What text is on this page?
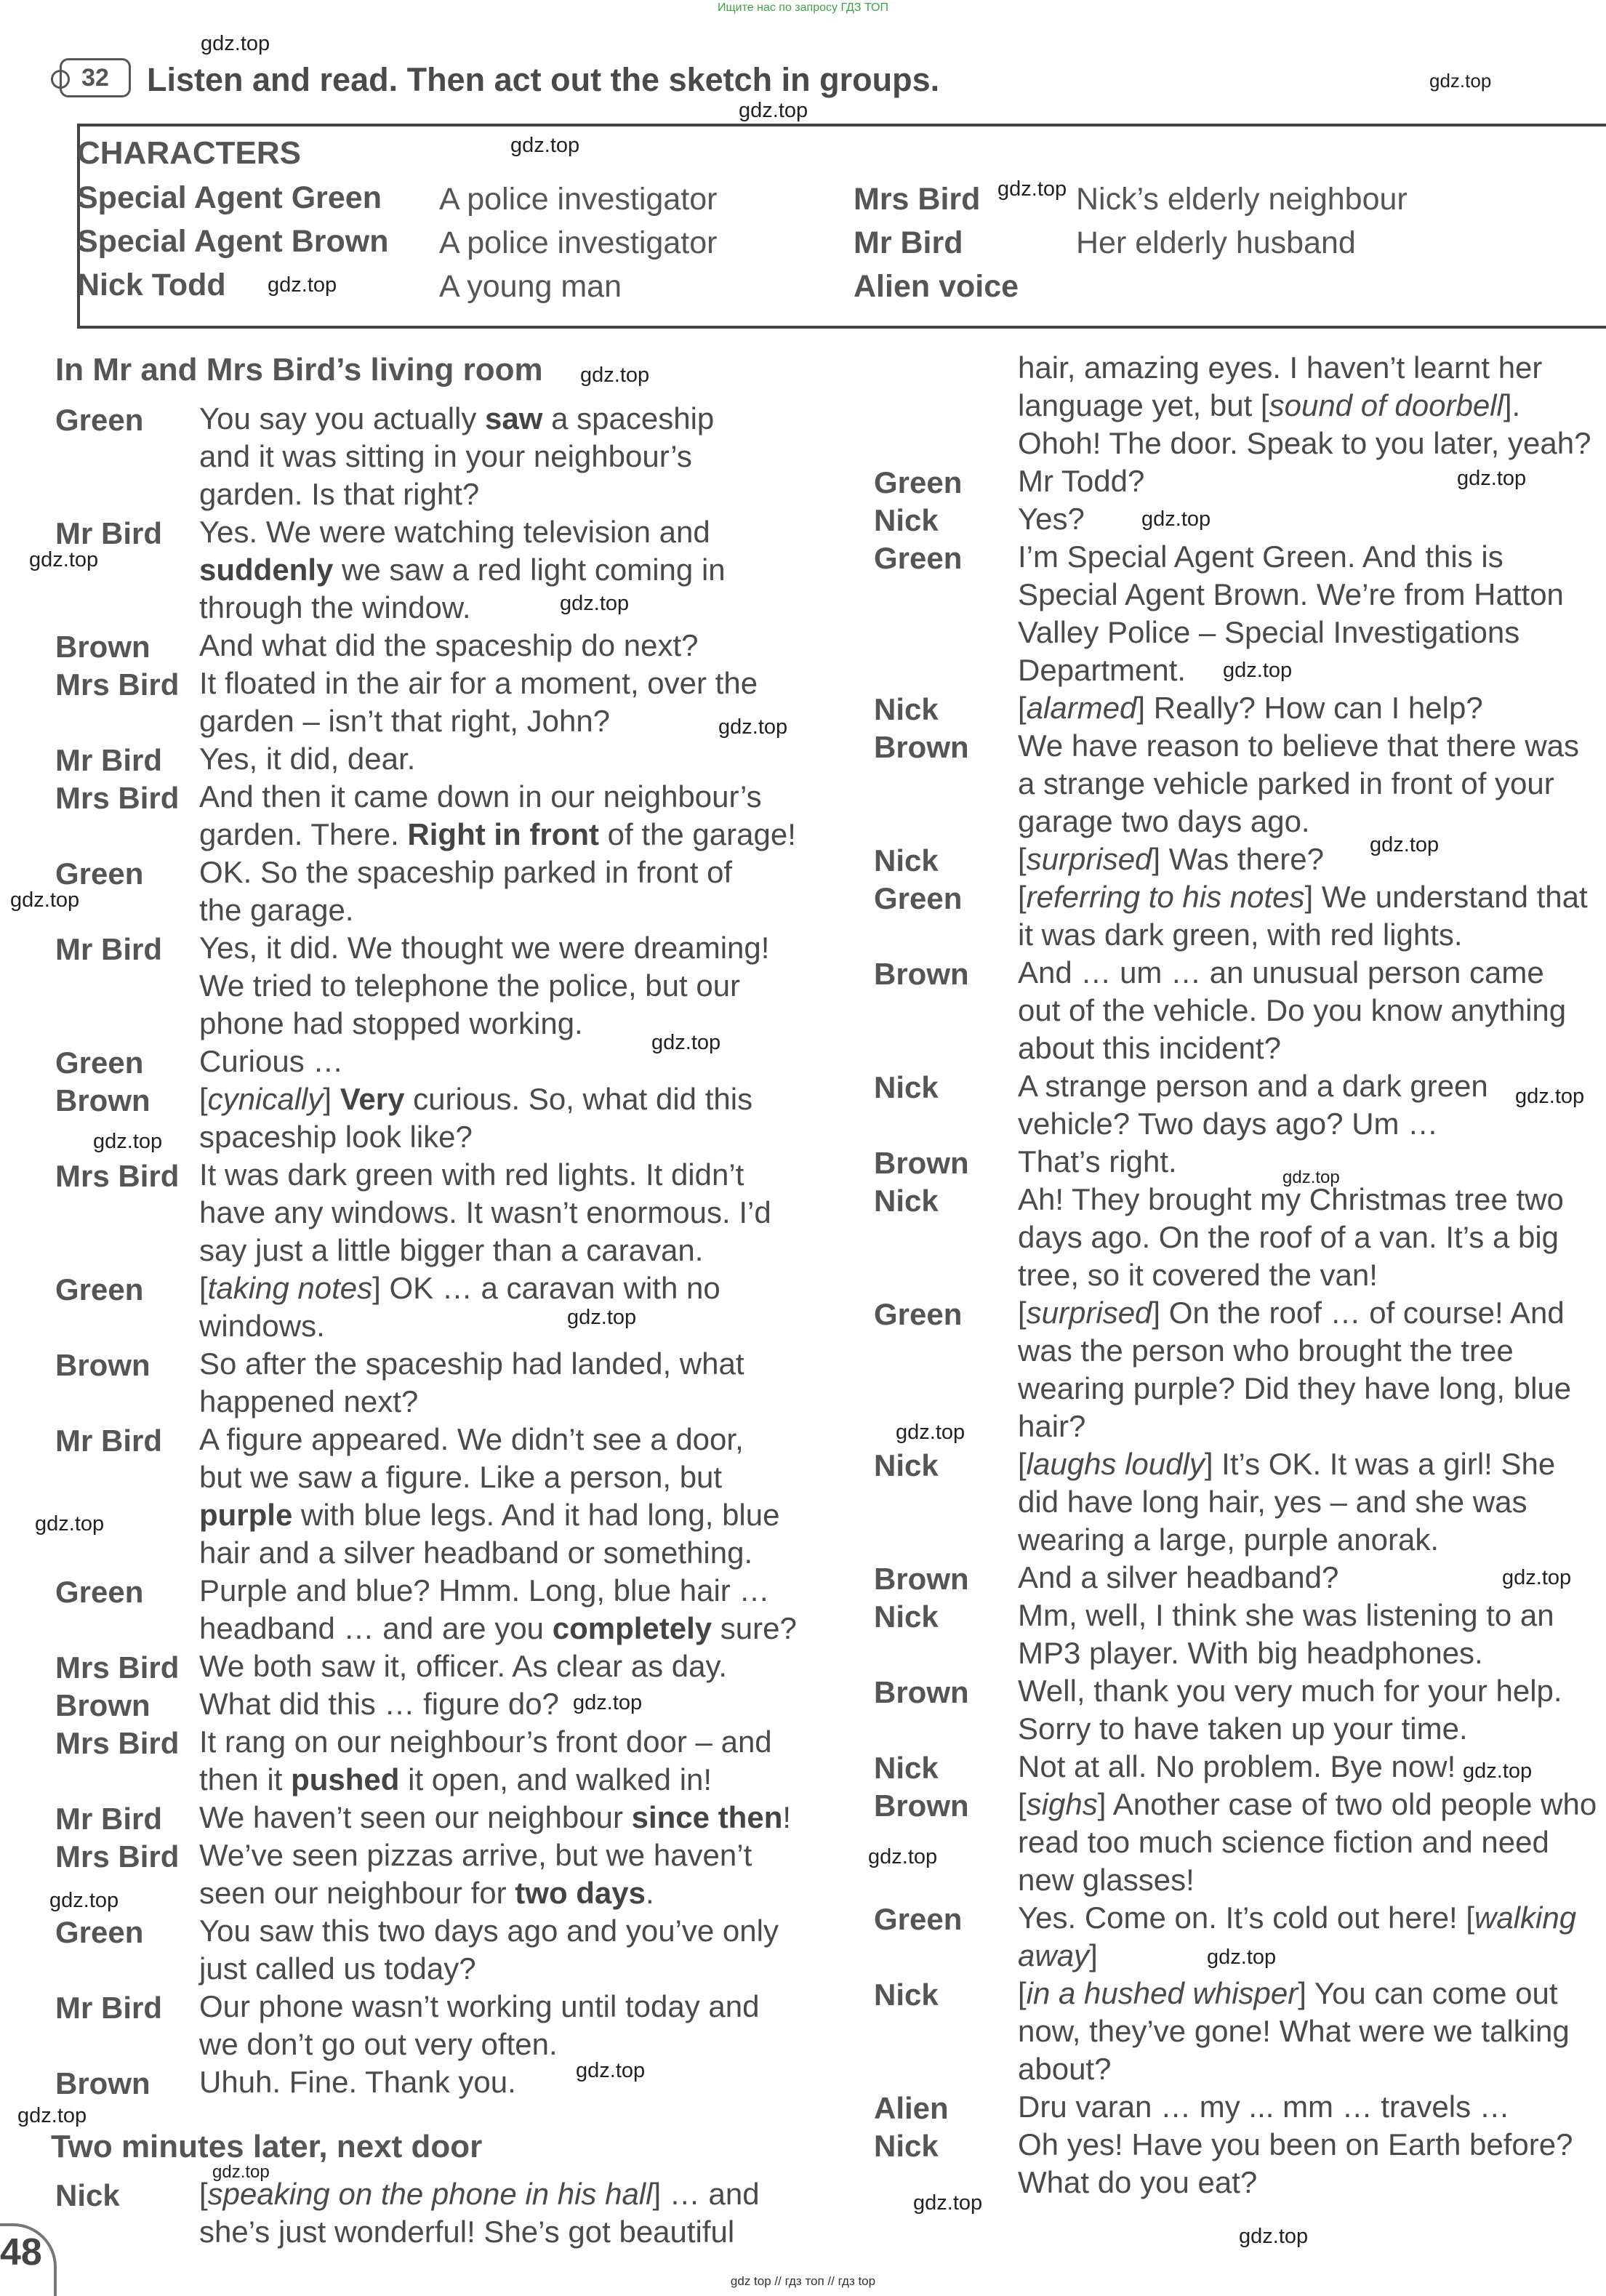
Ищите нас по запросу ГДЗ ТОП
32	Listen and read. Then act out the sketch in groups.
CHARACTERS
Special Agent Green A police investigator
Special Agent Brown A police investigator
Nick Todd	A young man
Mrs Bird	Nick’s elderly neighbour
Mr Bird	Her elderly husband
Alien voice
In Mr and Mrs Bird’s living room
Two minutes later, next door
Green You say you actually saw a spaceship
and it was sitting in your neighbour’s
garden. Is that right?
Mr Bird Yes. We were watching television and
suddenly we saw a red light coming in
through the window.
Brown And what did the spaceship do next?
Mrs Bird It floated in the air for a moment, over the
garden – isn’t that right, John?
Mr Bird Yes, it did, dear.
Mrs Bird And then it came down in our neighbour’s
garden. There. Right in front of the garage!
Green OK. So the spaceship parked in front of
the garage.
Mr Bird Yes, it did. We thought we were dreaming!
We tried to telephone the police, but our
phone had stopped working.
Green Curious …
Brown [cynically] Very curious. So, what did this
spaceship look like?
Mrs Bird It was dark green with red lights. It didn’t
have any windows. It wasn’t enormous. I’d
say just a little bigger than a caravan.
Green [taking notes] OK … a caravan with no
windows.
Brown So after the spaceship had landed, what
happened next?
Mr Bird A figure appeared. We didn’t see a door,
but we saw a figure. Like a person, but
purple with blue legs. And it had long, blue
hair and a silver headband or something.
Green Purple and blue? Hmm. Long, blue hair …
headband … and are you completely sure?
Mrs Bird We both saw it, officer. As clear as day.
Brown What did this … figure do?
Mrs Bird It rang on our neighbour’s front door – and
then it pushed it open, and walked in!
Mr Bird We haven’t seen our neighbour since then!
Mrs Bird We’ve seen pizzas arrive, but we haven’t
seen our neighbour for two days.
Green You saw this two days ago and you’ve only
just called us today?
Mr Bird Our phone wasn’t working until today and
we don’t go out very often.
Brown Uhuh. Fine. Thank you.
Nick	[speaking on the phone in his hall] … and
she’s just wonderful! She’s got beautiful
hair, amazing eyes. I haven’t learnt her
language yet, but [sound of doorbell].
Ohoh! The door. Speak to you later, yeah?
Green Mr Todd?
Nick	Yes?
Green I’m Special Agent Green. And this is
Special Agent Brown. We’re from Hatton
Valley Police – Special Investigations
Department.
Nick	[alarmed] Really? How can I help?
Brown We have reason to believe that there was
a strange vehicle parked in front of your
garage two days ago.
Nick	[surprised] Was there?
Green [referring to his notes] We understand that
it was dark green, with red lights.
Brown And … um … an unusual person came
out of the vehicle. Do you know anything
about this incident?
Nick	A strange person and a dark green
vehicle? Two days ago? Um …
Brown That’s right.
Nick	Ah! They brought my Christmas tree two
days ago. On the roof of a van. It’s a big
tree, so it covered the van!
Green [surprised] On the roof … of course! And
was the person who brought the tree
wearing purple? Did they have long, blue
hair?
Nick	[laughs loudly] It’s OK. It was a girl! She
did have long hair, yes – and she was
wearing a large, purple anorak.
Brown And a silver headband?
Nick	Mm, well, I think she was listening to an
MP3 player. With big headphones.
Brown Well, thank you very much for your help.
Sorry to have taken up your time.
Nick	Not at all. No problem. Bye now!
Brown [sighs] Another case of two old people who
read too much science fiction and need
new glasses!
Green Yes. Come on. It’s cold out here! [walking
away]
Nick	[in a hushed whisper] You can come out
now, they’ve gone! What were we talking
about?
Alien Dru varan … my ... mm … travels …
Nick	Oh yes! Have you been on Earth before?
What do you eat?
gdz.top
gdz.top
gdz.top
gdz.top
gdz.top
gdz.top
gdz.top
gdz.top
gdz.top
gdz.top
gdz.top
gdz.top
gdz.top
gdz.top
gdz.top
gdz.top
gdz.top
gdz.top
gdz.top
gdz.top
gdz.top
gdz.top
gdz.top
gdz.top
gdz.top
gdz.top
gdz.top
gdz.top
gdz.top
gdz.top
gdz.top
gdz.top
gdz.top
48
gdz top // гдз топ // гдз top
